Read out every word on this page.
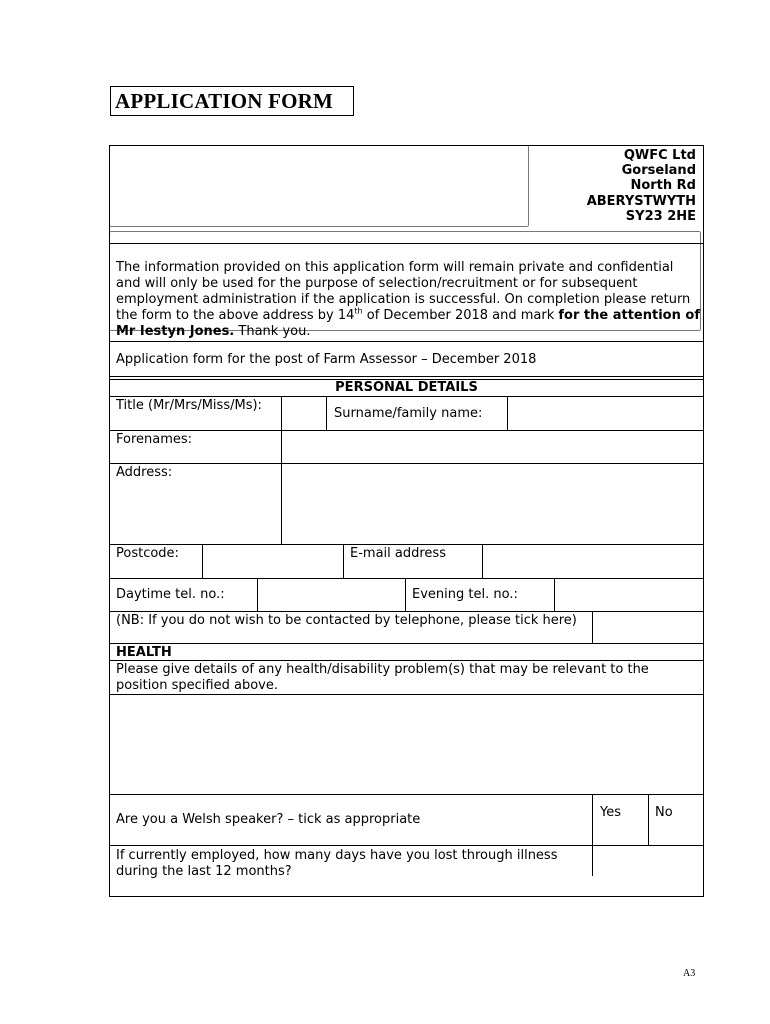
APPLICATION FORM
QWFC Ltd
Gorseland
North Rd
ABERYSTWYTH
SY23 2HE
The information provided on this application form will remain private and confidential and will only be used for the purpose of selection/recruitment or for subsequent employment administration if the application is successful. On completion please return the form to the above address by 14th of December 2018 and mark for the attention of Mr Iestyn Jones. Thank you.
Application form for the post of Farm Assessor – December 2018
PERSONAL DETAILS
Title (Mr/Mrs/Miss/Ms):
Surname/family name:
Forenames:
Address:

Postcode:	E-mail address
Daytime tel. no.:	Evening tel. no.:
(NB: If you do not wish to be contacted by telephone, please tick here)
HEALTH
Please give details of any health/disability problem(s) that may be relevant to the position specified above.
Are you a Welsh speaker? – tick as appropriate	Yes	No
If currently employed, how many days have you lost through illness
during the last 12 months?
A3
